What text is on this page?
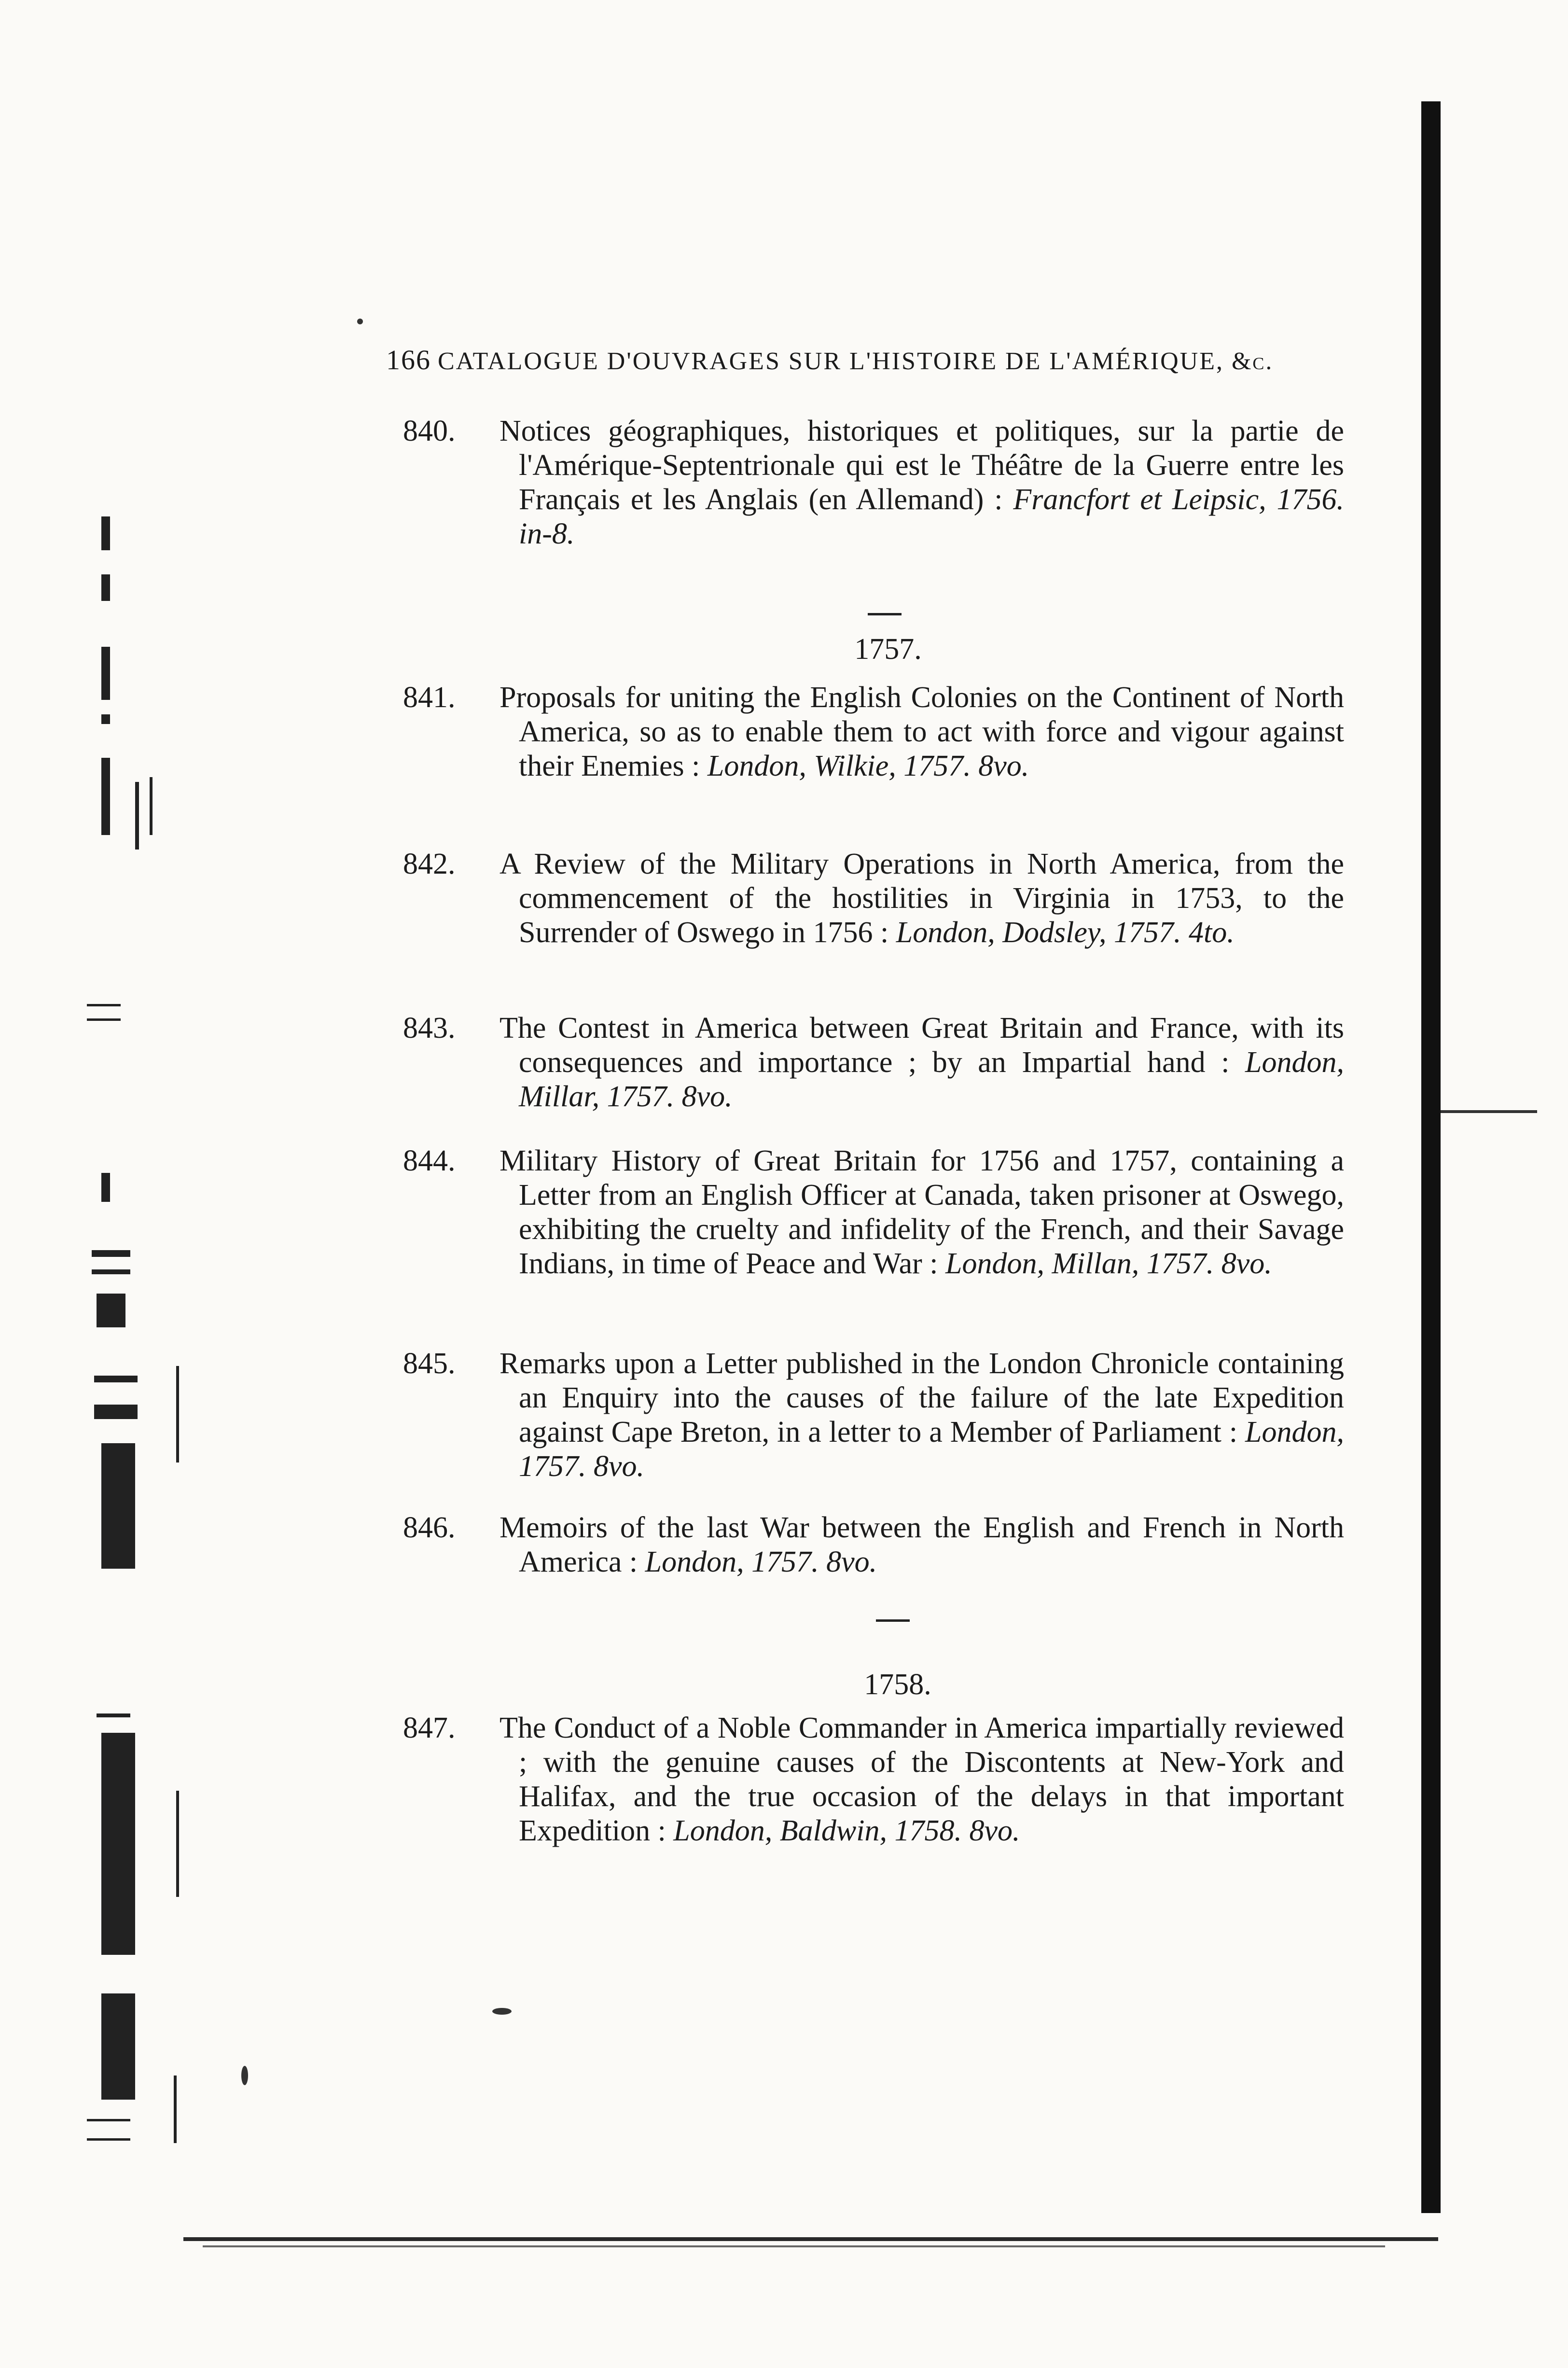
166 CATALOGUE D'OUVRAGES SUR L'HISTOIRE DE L'AMÉRIQUE, &c.
840.	Notices géographiques, historiques et politiques, sur la partie de l'Amérique-Septentrionale qui est le Théâtre de la Guerre entre les Français et les Anglais (en Allemand) : Francfort et Leipsic, 1756. in-8.
1757.
841.	Proposals for uniting the English Colonies on the Continent of North America, so as to enable them to act with force and vigour against their Enemies : London, Wilkie, 1757. 8vo.
842.	A Review of the Military Operations in North America, from the commencement of the hostilities in Virginia in 1753, to the Surrender of Oswego in 1756 : London, Dodsley, 1757. 4to.
843.	The Contest in America between Great Britain and France, with its consequences and importance ; by an Impartial hand : London, Millar, 1757. 8vo.
844.	Military History of Great Britain for 1756 and 1757, containing a Letter from an English Officer at Canada, taken prisoner at Oswego, exhibiting the cruelty and infidelity of the French, and their Savage Indians, in time of Peace and War : London, Millan, 1757. 8vo.
845.	Remarks upon a Letter published in the London Chronicle containing an Enquiry into the causes of the failure of the late Expedition against Cape Breton, in a letter to a Member of Parliament : London, 1757. 8vo.
846.	Memoirs of the last War between the English and French in North America : London, 1757. 8vo.
1758.
847.	The Conduct of a Noble Commander in America impartially reviewed ; with the genuine causes of the Discontents at New-York and Halifax, and the true occasion of the delays in that important Expedition : London, Baldwin, 1758. 8vo.
